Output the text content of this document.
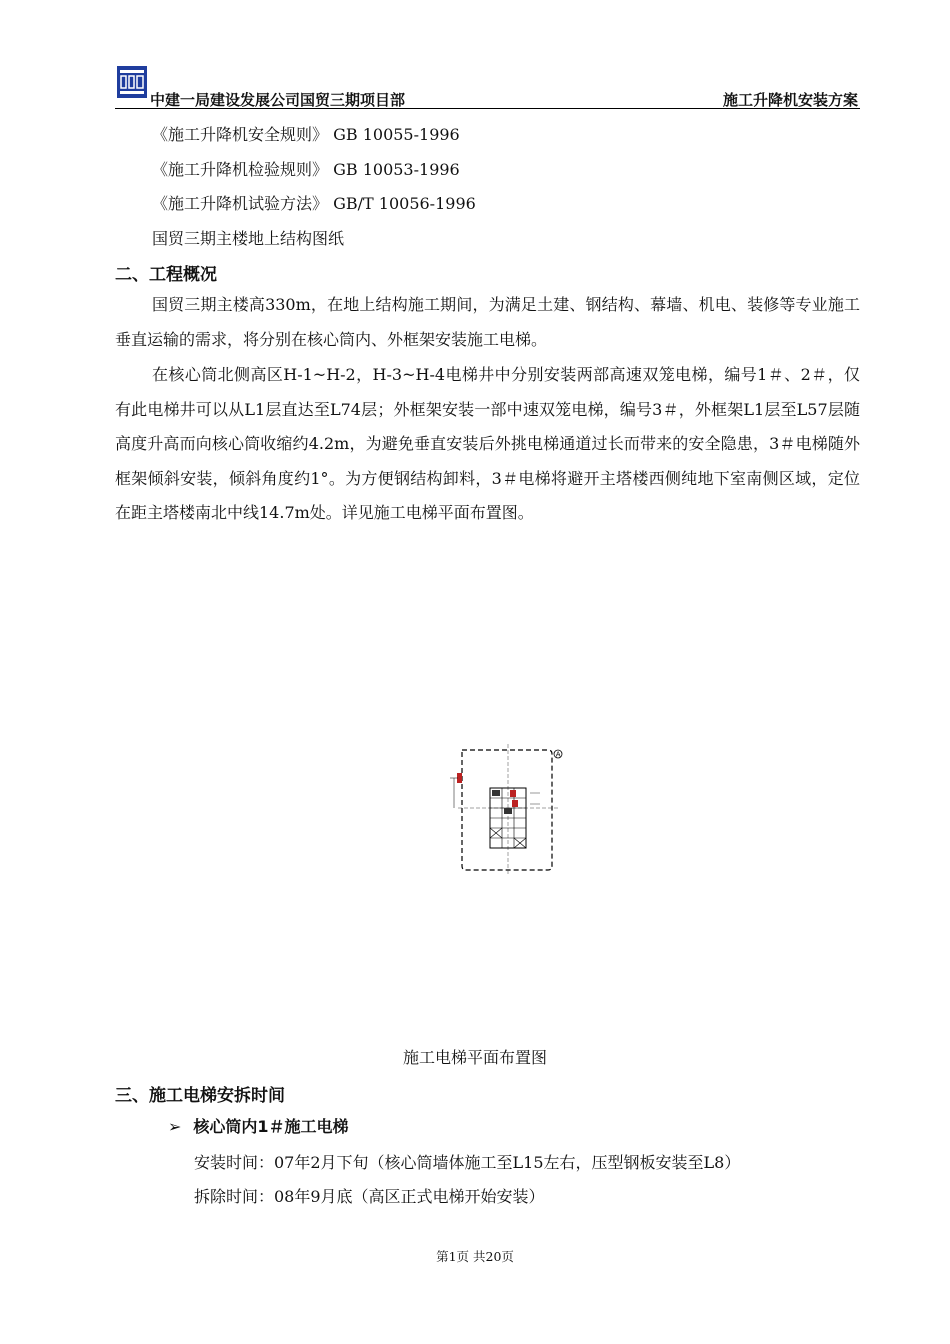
中建一局建设发展公司国贸三期项目部	施工升降机安装方案
《施工升降机安全规则》 GB 10055-1996
《施工升降机检验规则》 GB 10053-1996
《施工升降机试验方法》 GB/T 10056-1996
国贸三期主楼地上结构图纸
二、工程概况

国贸三期主楼高330m，在地上结构施工期间，为满足土建、钢结构、幕墙、机电、装修等专业施工垂直运输的需求，将分别在核心筒内、外框架安装施工电梯。

在核心筒北侧高区H-1~H-2，H-3~H-4电梯井中分别安装两部高速双笼电梯，编号1＃、2＃，仅有此电梯井可以从L1层直达至L74层；外框架安装一部中速双笼电梯，编号3＃，外框架L1层至L57层随高度升高而向核心筒收缩约4.2m，为避免垂直安装后外挑电梯通道过长而带来的安全隐患，3＃电梯随外框架倾斜安装，倾斜角度约1°。为方便钢结构卸料，3＃电梯将避开主塔楼西侧纯地下室南侧区域，定位在距主塔楼南北中线14.7m处。详见施工电梯平面布置图。

A
施工电梯平面布置图
三、施工电梯安拆时间
➢ 核心筒内1＃施工电梯
安装时间：07年2月下旬（核心筒墙体施工至L15左右，压型钢板安装至L8）
拆除时间：08年9月底（高区正式电梯开始安装）
第1页 共20页
